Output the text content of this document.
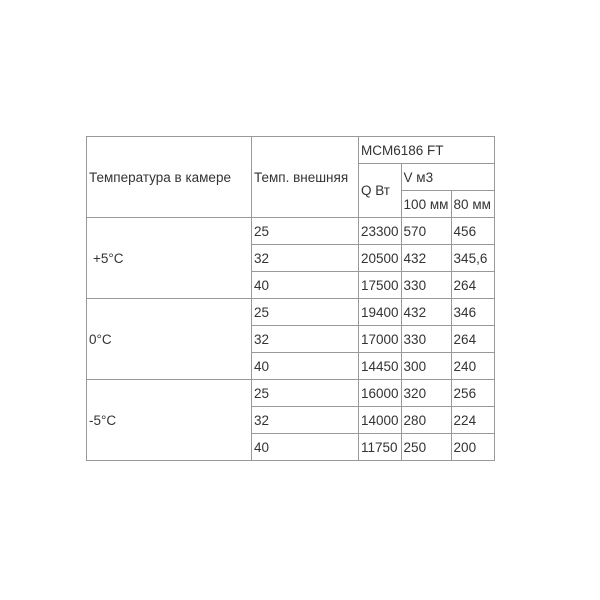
Температура в камере	Темп. внешняя	MCM6186 FT		
		Q Вт	V м3	
			100 мм	80 мм
+5°C	25	23300	570	456
	32	20500	432	345,6
	40	17500	330	264
0°C	25	19400	432	346
	32	17000	330	264
	40	14450	300	240
-5°C	25	16000	320	256
	32	14000	280	224
	40	11750	250	200
